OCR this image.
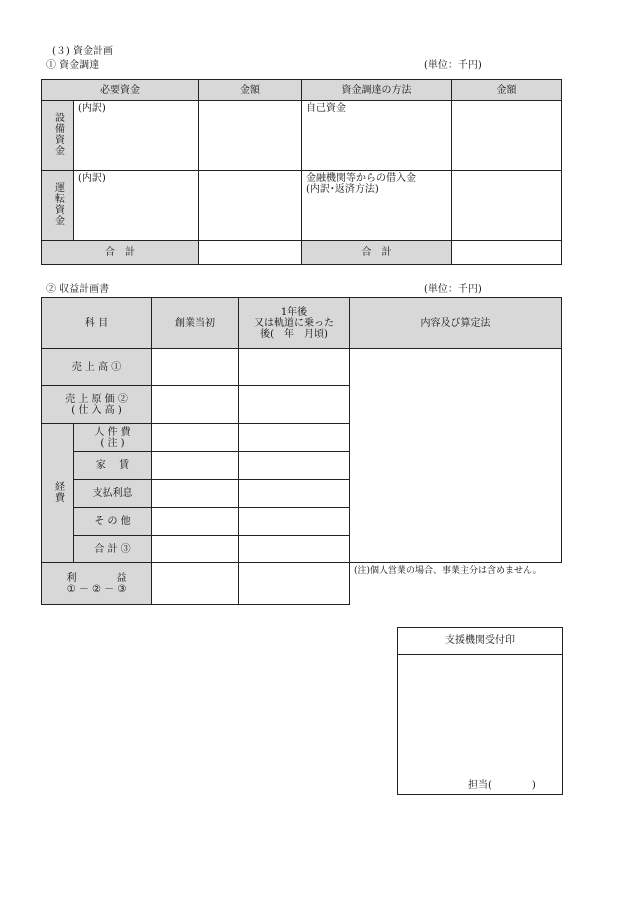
(３) 資金計画
① 資金調達	(単位：千円)
必要資金		金額	資金調達の方法	金額
設備資金	(内訳)		自己資金	
運転資金	(内訳)		金融機関等からの借入金
(内訳･返済方法)	

合　計			合　計	
② 収益計画書	(単位：千円)
科 目		創業当初	1年後
又は軌道に乗った
後(　年　月頃)	内容及び算定法
売 上 高 ①				

売 上 原 価 ②
( 仕 入 高 )				

経費	人 件 費
( 注 )			

	家　 賃			
	支払利息			
	そ の 他			
	合 計 ③			

利　　　　益
① － ② － ③				(注)個人営業の場合、事業主分は含めません。
支援機関受付印
担当(　　　　)
